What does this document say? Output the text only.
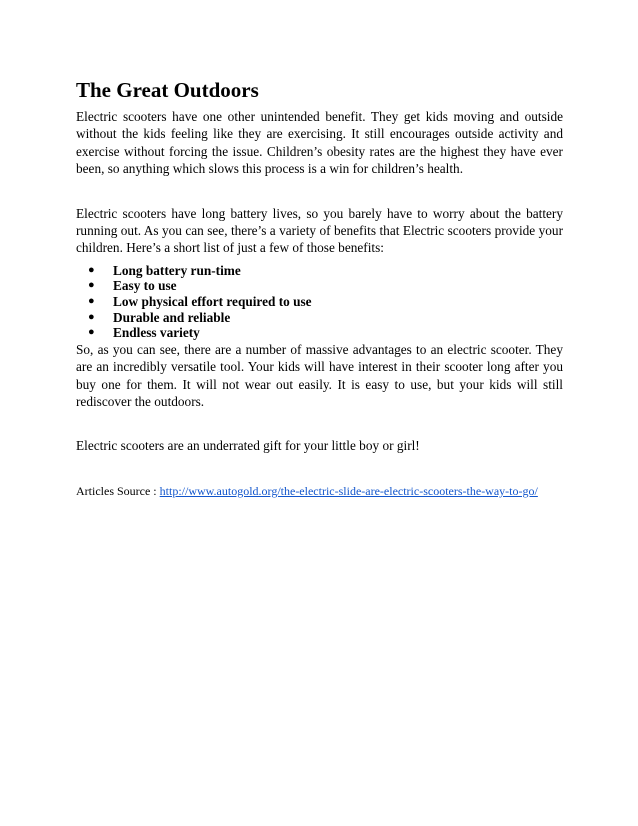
The Great Outdoors

Electric scooters have one other unintended benefit. They get kids moving and outside without the kids feeling like they are exercising. It still encourages outside activity and exercise without forcing the issue. Children’s obesity rates are the highest they have ever been, so anything which slows this process is a win for children’s health.

Electric scooters have long battery lives, so you barely have to worry about the battery running out. As you can see, there’s a variety of benefits that Electric scooters provide your children. Here’s a short list of just a few of those benefits:

● Long battery run-time
● Easy to use
● Low physical effort required to use
● Durable and reliable
● Endless variety

So, as you can see, there are a number of massive advantages to an electric scooter. They are an incredibly versatile tool. Your kids will have interest in their scooter long after you buy one for them. It will not wear out easily. It is easy to use, but your kids will still rediscover the outdoors.

Electric scooters are an underrated gift for your little boy or girl!

Articles Source : http://www.autogold.org/the-electric-slide-are-electric-scooters-the-way-to-go/
